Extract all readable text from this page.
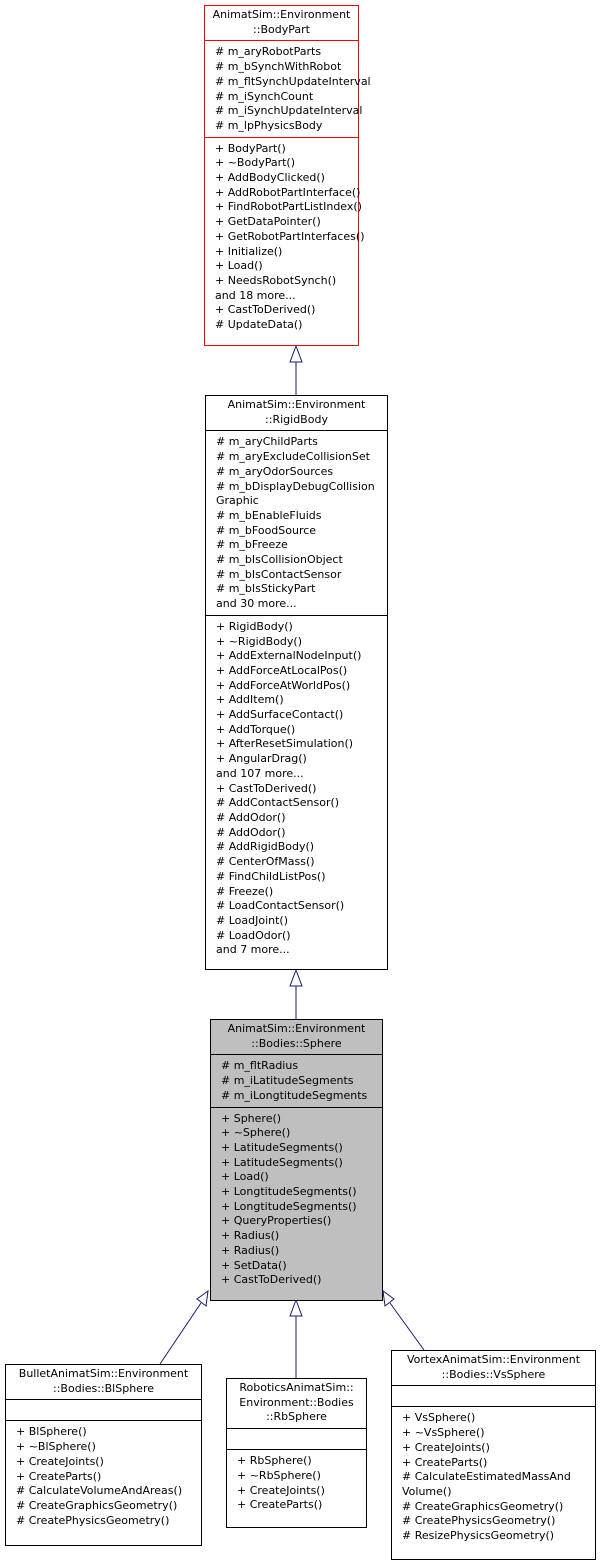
AnimatSim::Environment
::BodyPart
# m_aryRobotParts
# m_bSynchWithRobot
# m_fltSynchUpdateInterval
# m_iSynchCount
# m_iSynchUpdateInterval
# m_lpPhysicsBody
+ BodyPart()
+ ~BodyPart()
+ AddBodyClicked()
+ AddRobotPartInterface()
+ FindRobotPartListIndex()
+ GetDataPointer()
+ GetRobotPartInterfaces()
+ Initialize()
+ Load()
+ NeedsRobotSynch()
and 18 more...
+ CastToDerived()
# UpdateData()
AnimatSim::Environment
::RigidBody
# m_aryChildParts
# m_aryExcludeCollisionSet
# m_aryOdorSources
# m_bDisplayDebugCollision
Graphic
# m_bEnableFluids
# m_bFoodSource
# m_bFreeze
# m_bIsCollisionObject
# m_bIsContactSensor
# m_bIsStickyPart
and 30 more...
+ RigidBody()
+ ~RigidBody()
+ AddExternalNodeInput()
+ AddForceAtLocalPos()
+ AddForceAtWorldPos()
+ AddItem()
+ AddSurfaceContact()
+ AddTorque()
+ AfterResetSimulation()
+ AngularDrag()
and 107 more...
+ CastToDerived()
# AddContactSensor()
# AddOdor()
# AddOdor()
# AddRigidBody()
# CenterOfMass()
# FindChildListPos()
# Freeze()
# LoadContactSensor()
# LoadJoint()
# LoadOdor()
and 7 more...
AnimatSim::Environment
::Bodies::Sphere
# m_fltRadius
# m_iLatitudeSegments
# m_iLongtitudeSegments
+ Sphere()
+ ~Sphere()
+ LatitudeSegments()
+ LatitudeSegments()
+ Load()
+ LongtitudeSegments()
+ LongtitudeSegments()
+ QueryProperties()
+ Radius()
+ Radius()
+ SetData()
+ CastToDerived()
BulletAnimatSim::Environment
::Bodies::BlSphere
+ BlSphere()
+ ~BlSphere()
+ CreateJoints()
+ CreateParts()
# CalculateVolumeAndAreas()
# CreateGraphicsGeometry()
# CreatePhysicsGeometry()
RoboticsAnimatSim::
Environment::Bodies
::RbSphere
+ RbSphere()
+ ~RbSphere()
+ CreateJoints()
+ CreateParts()
VortexAnimatSim::Environment
::Bodies::VsSphere
+ VsSphere()
+ ~VsSphere()
+ CreateJoints()
+ CreateParts()
# CalculateEstimatedMassAnd
Volume()
# CreateGraphicsGeometry()
# CreatePhysicsGeometry()
# ResizePhysicsGeometry()
